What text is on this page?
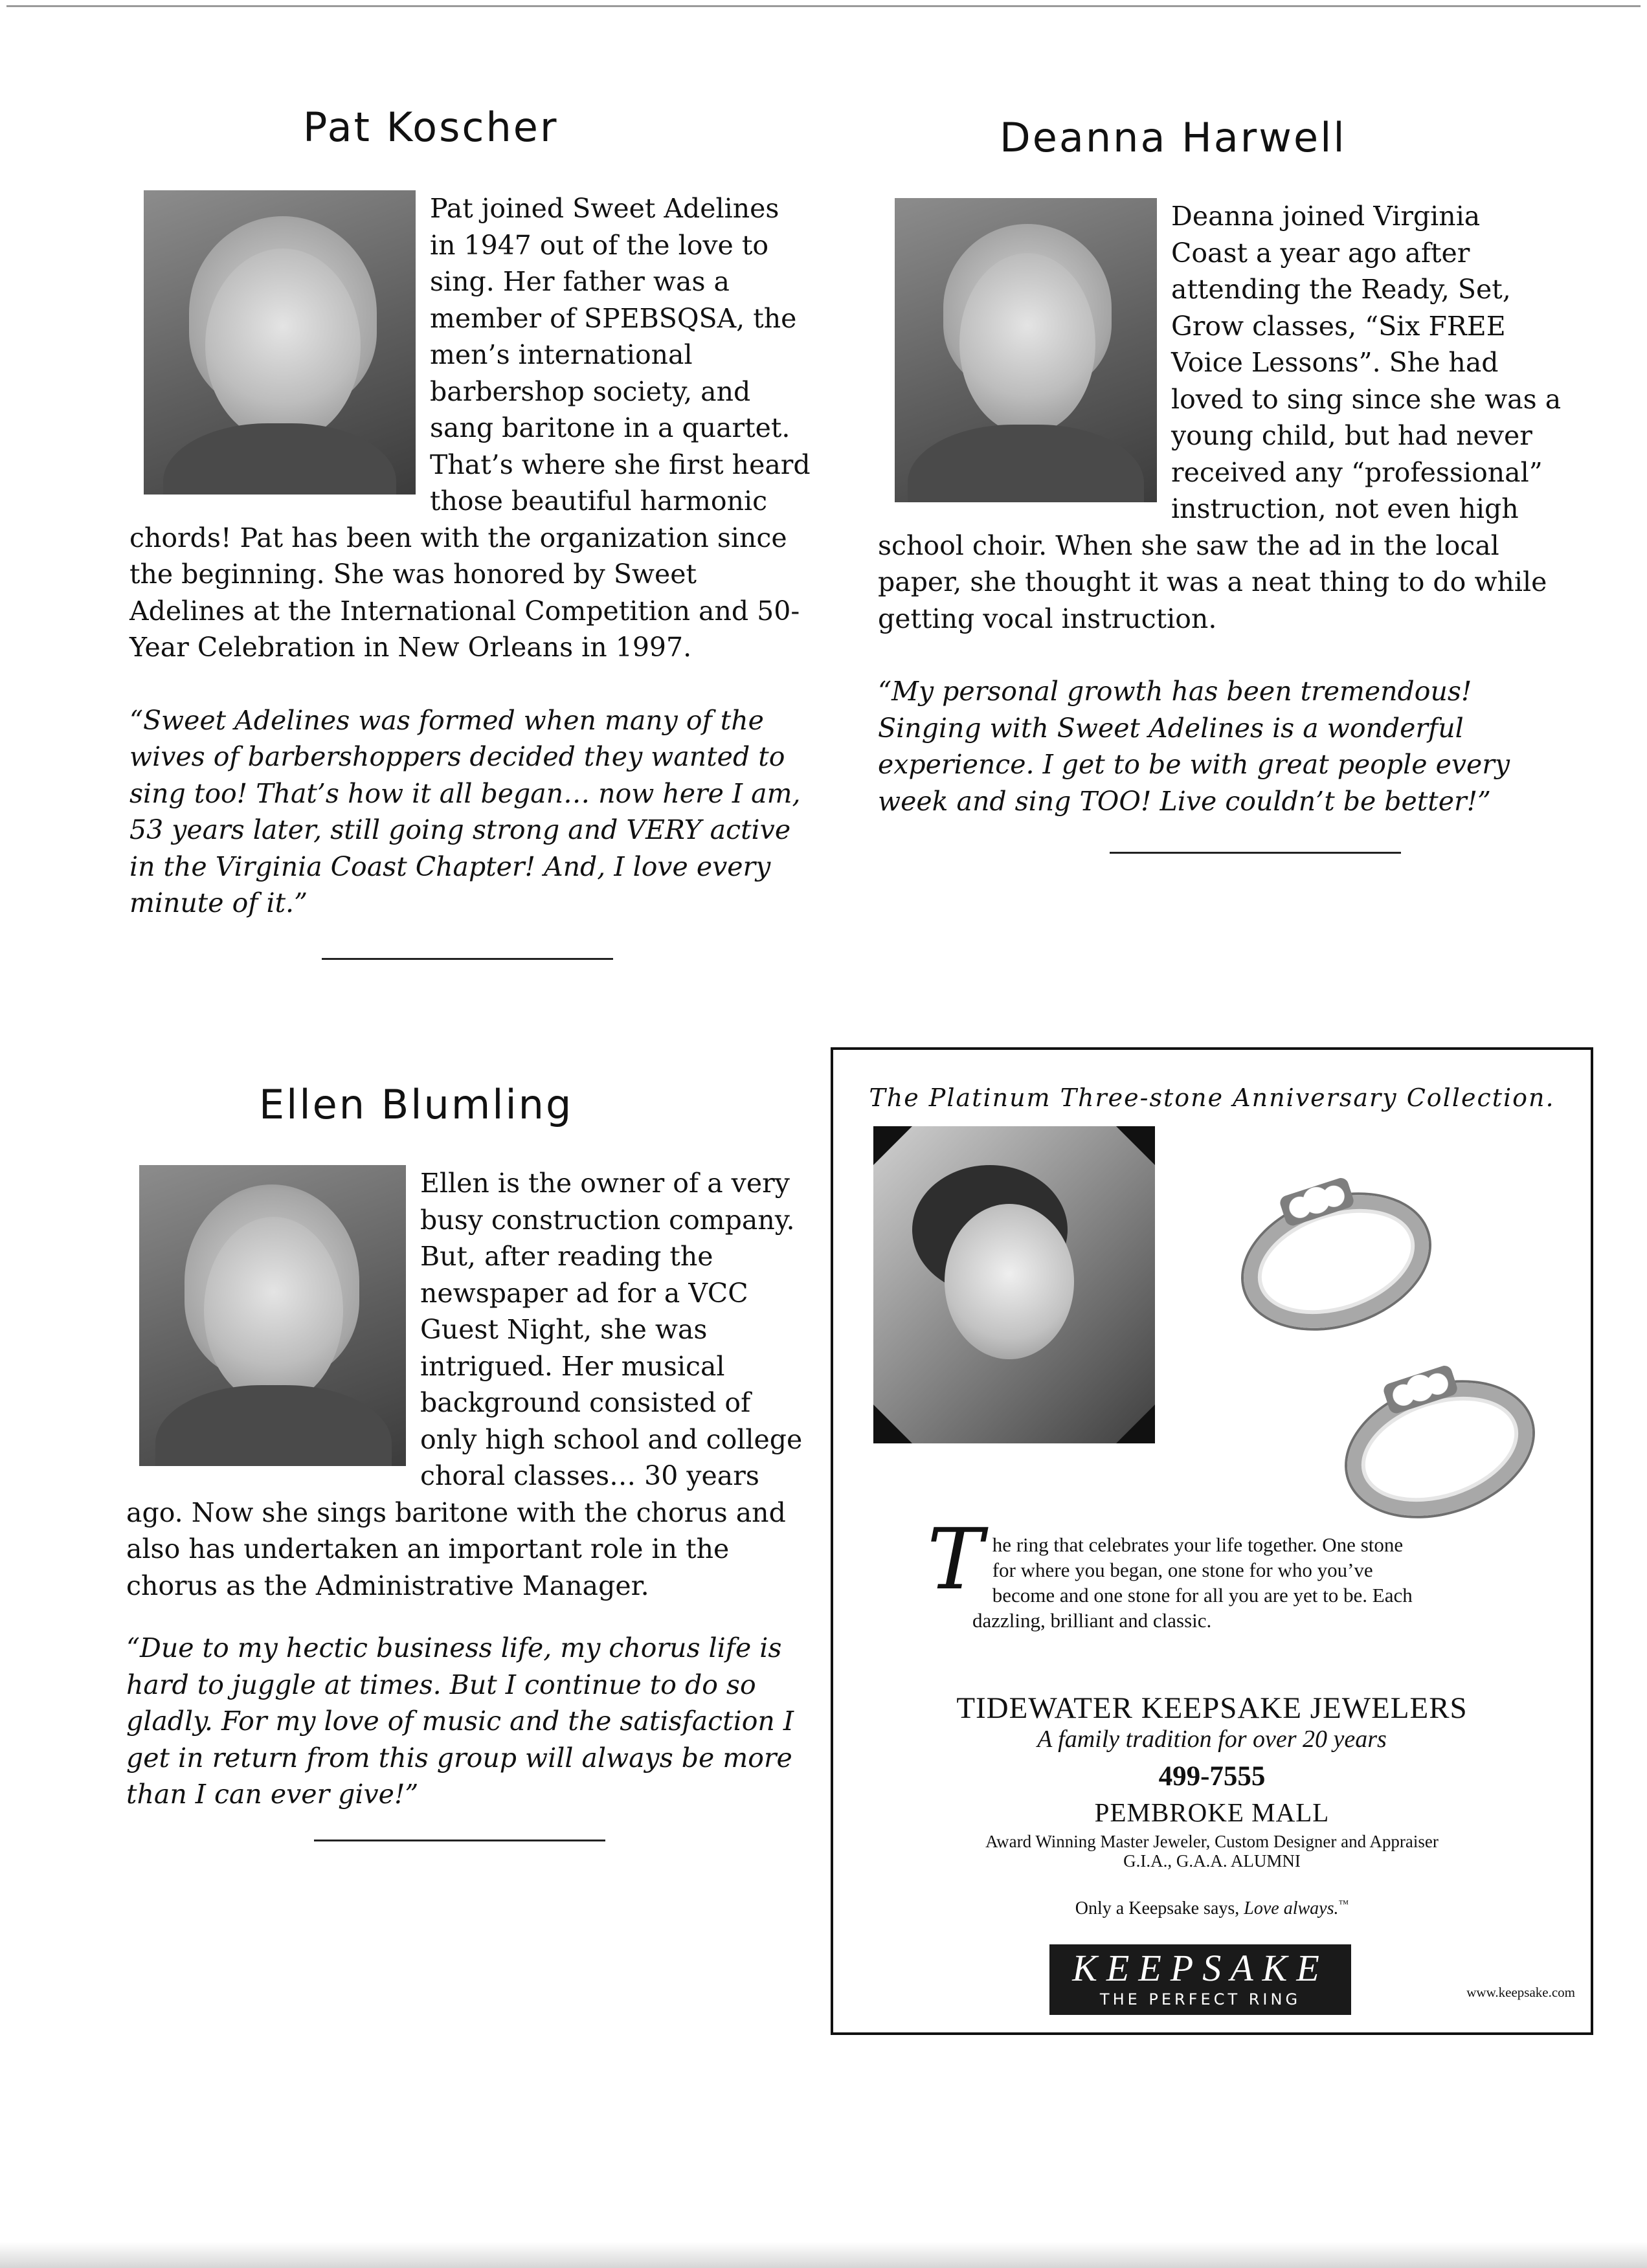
Pat Koscher

Pat joined Sweet Adelines in 1947 out of the love to sing. Her father was a member of SPEBSQSA, the men’s international barbershop society, and sang baritone in a quartet. That’s where she first heard those beautiful harmonic chords! Pat has been with the organization since the beginning. She was honored by Sweet Adelines at the International Competition and 50-Year Celebration in New Orleans in 1997.

“Sweet Adelines was formed when many of the wives of barbershoppers decided they wanted to sing too! That’s how it all began… now here I am, 53 years later, still going strong and VERY active in the Virginia Coast Chapter! And, I love every minute of it.”

Deanna Harwell

Deanna joined Virginia Coast a year ago after attending the Ready, Set, Grow classes, “Six FREE Voice Lessons”. She had loved to sing since she was a young child, but had never received any “professional” instruction, not even high school choir. When she saw the ad in the local paper, she thought it was a neat thing to do while getting vocal instruction.

“My personal growth has been tremendous! Singing with Sweet Adelines is a wonderful experience. I get to be with great people every week and sing TOO! Live couldn’t be better!”

Ellen Blumling

Ellen is the owner of a very busy construction company. But, after reading the newspaper ad for a VCC Guest Night, she was intrigued. Her musical background consisted of only high school and college choral classes… 30 years ago. Now she sings baritone with the chorus and also has undertaken an important role in the chorus as the Administrative Manager.

“Due to my hectic business life, my chorus life is hard to juggle at times. But I continue to do so gladly. For my love of music and the satisfaction I get in return from this group will always be more than I can ever give!”

The Platinum Three-stone Anniversary Collection.
The ring that celebrates your life together. One stone for where you began, one stone for who you’ve become and one stone for all you are yet to be. Each dazzling, brilliant and classic.
TIDEWATER KEEPSAKE JEWELERS
A family tradition for over 20 years
499-7555
PEMBROKE MALL
Award Winning Master Jeweler, Custom Designer and Appraiser
G.I.A., G.A.A. ALUMNI
Only a Keepsake says, Love always.™
KEEPSAKE
THE PERFECT RING	www.keepsake.com
